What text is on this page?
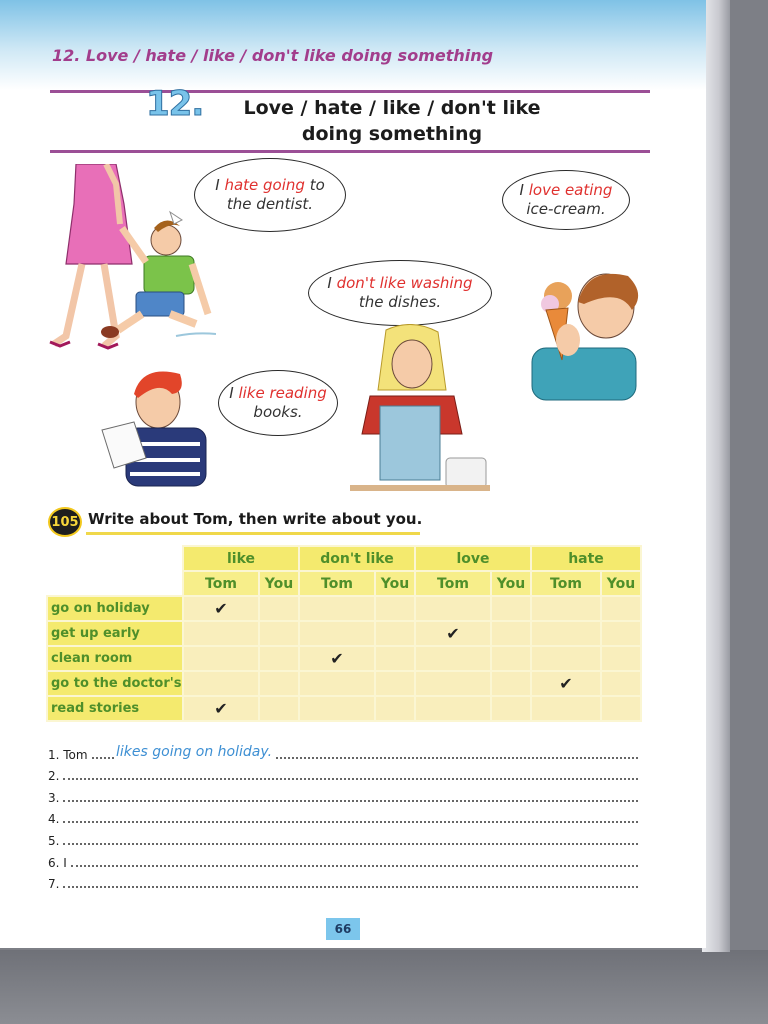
12. Love / hate / like / don't like doing something
12.	Love / hate / like / don't like
doing something
I hate going to
the dentist.
I love eating
ice-cream.
I don't like washing
the dishes.
I like reading
books.
105 Write about Tom, then write about you.
	like		don't like		love		hate	
	Tom	You	Tom	You	Tom	You	Tom	You
go on holiday	✔							
get up early					✔			
clean room			✔					
go to the doctor's							✔	
read stories	✔							
1. Tom likes going on holiday.
2.
3.
4.
5.
6. I
7.
66
